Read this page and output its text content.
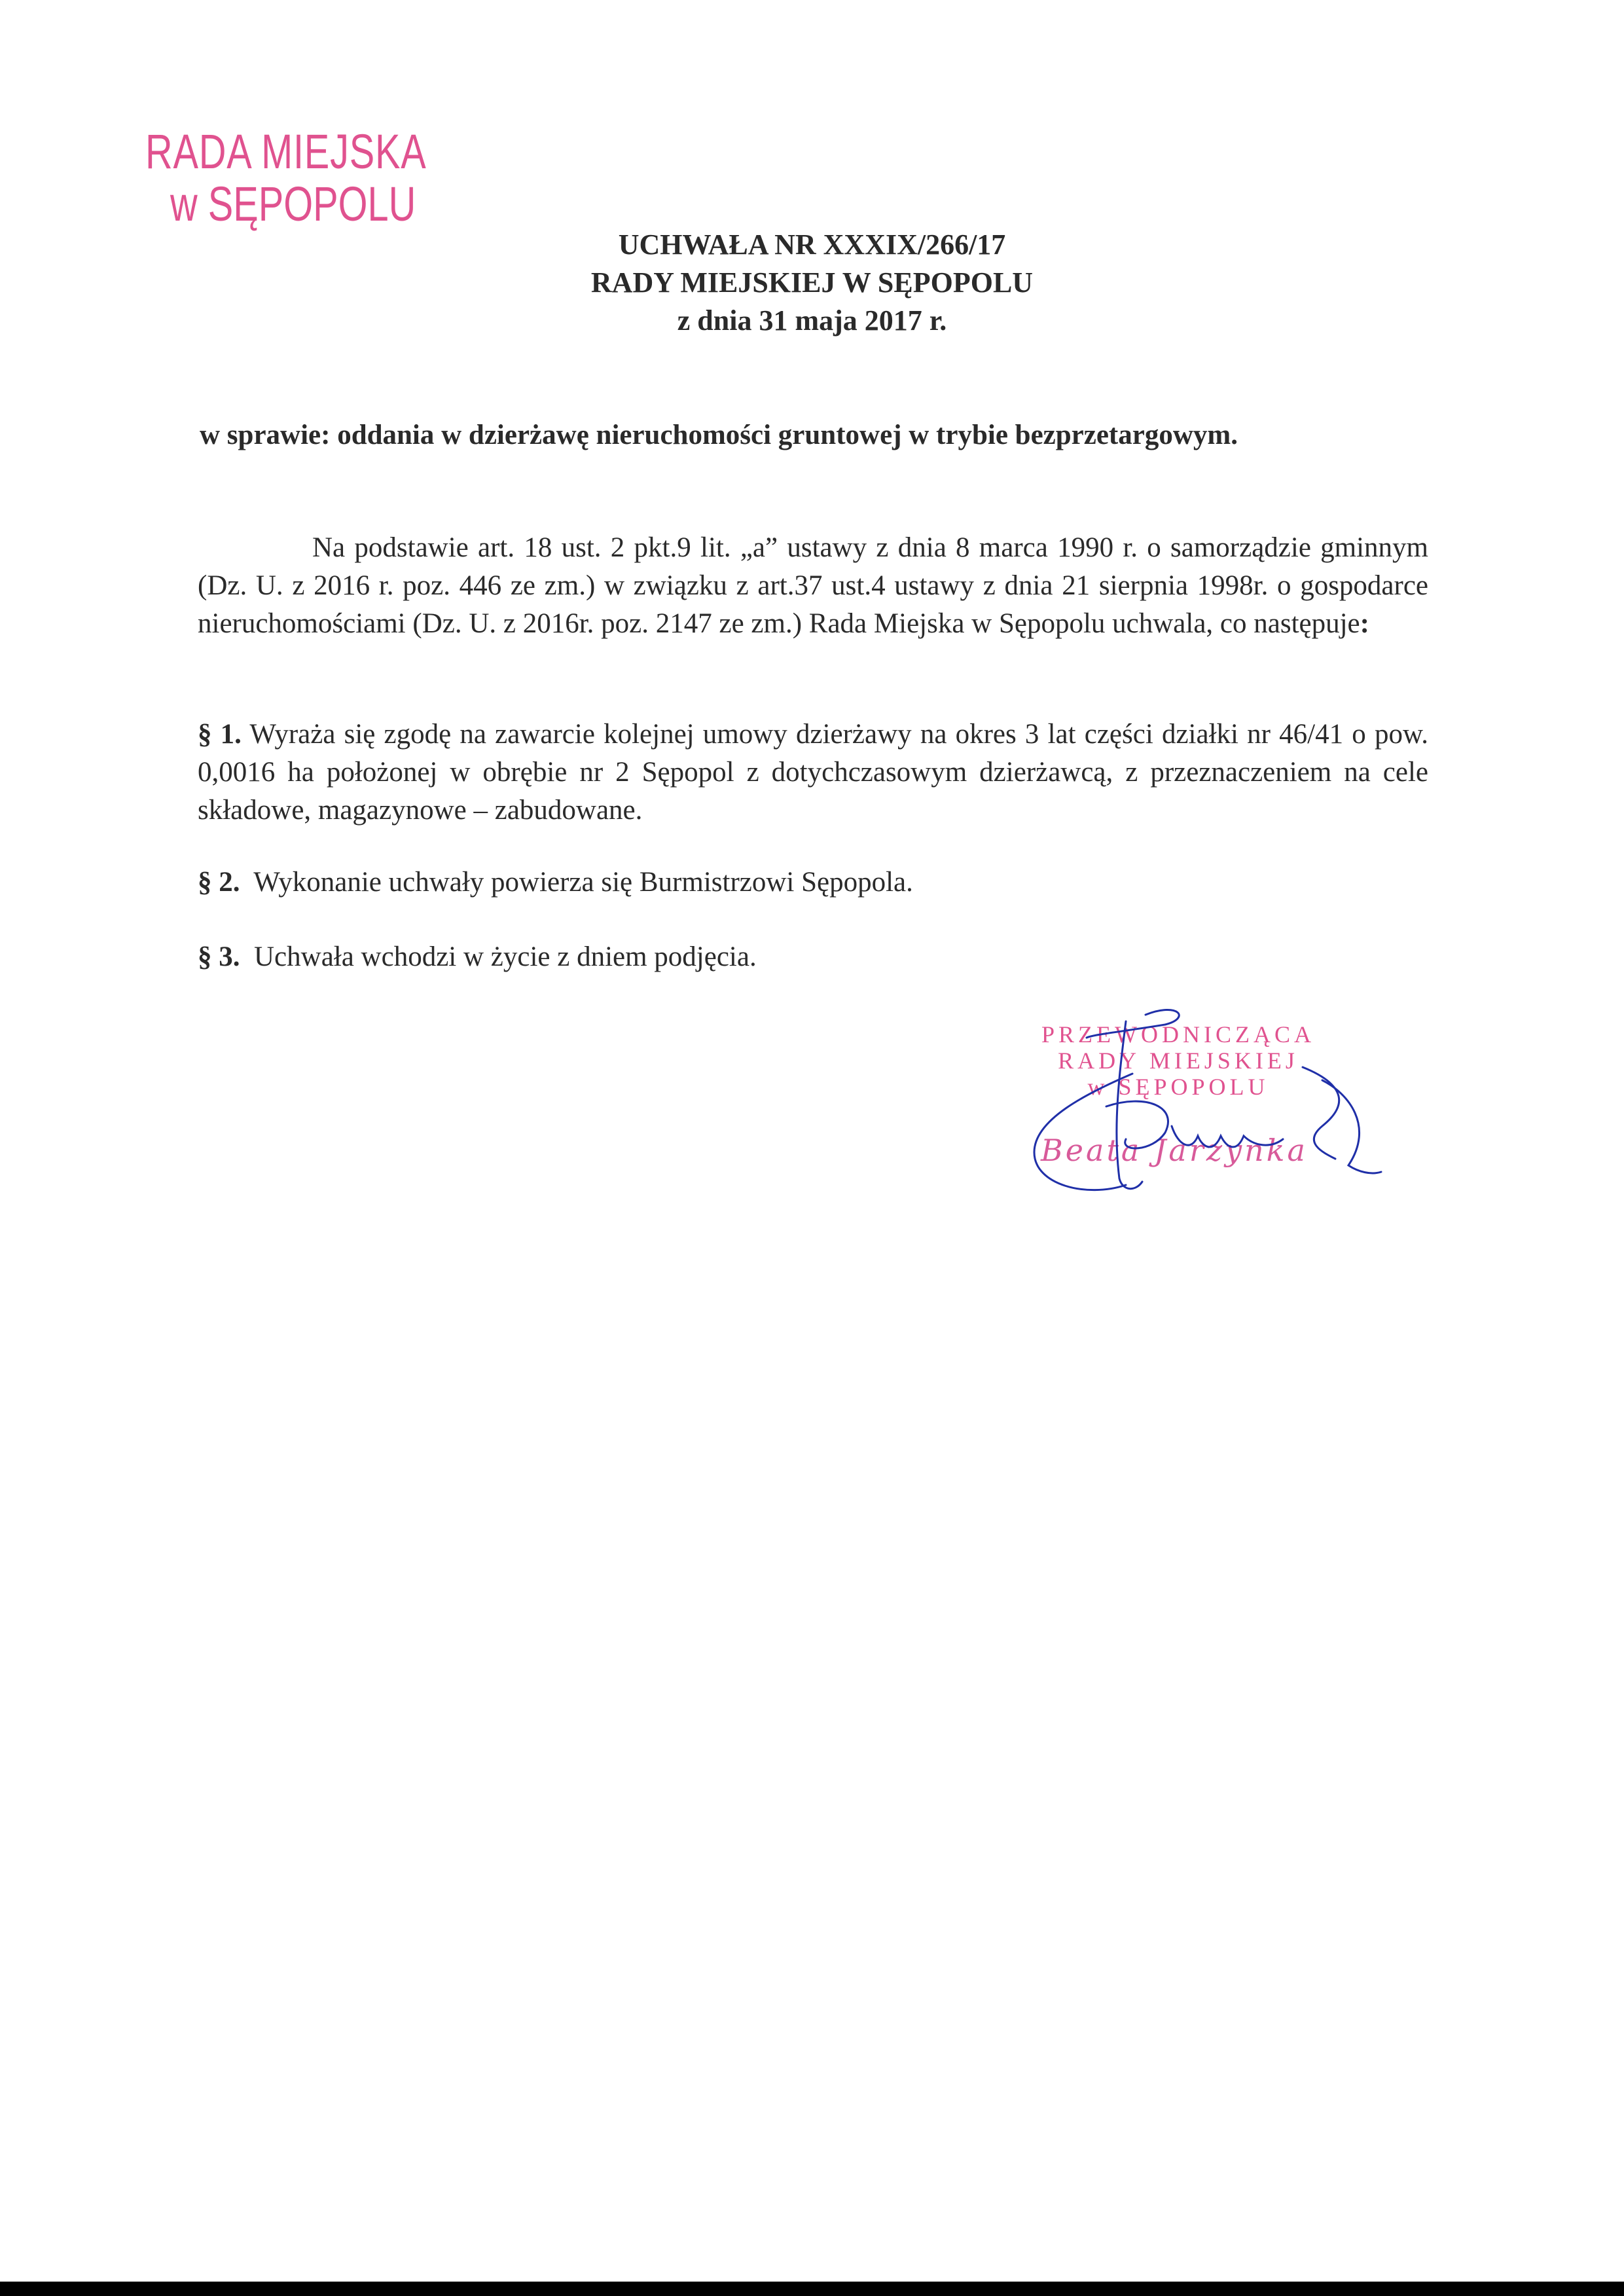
RADA MIEJSKA
w SĘPOPOLU
UCHWAŁA NR XXXIX/266/17
RADY MIEJSKIEJ W SĘPOPOLU
z dnia 31 maja 2017 r.
w sprawie: oddania w dzierżawę nieruchomości gruntowej w trybie bezprzetargowym.
Na podstawie art. 18 ust. 2 pkt.9 lit. „a” ustawy z dnia 8 marca 1990 r. o samorządzie gminnym (Dz. U. z 2016 r. poz. 446 ze zm.) w związku z art.37 ust.4 ustawy z dnia 21 sierpnia 1998r. o gospodarce nieruchomościami (Dz. U. z 2016r. poz. 2147 ze zm.) Rada Miejska w Sępopolu uchwala, co następuje:
§ 1. Wyraża się zgodę na zawarcie kolejnej umowy dzierżawy na okres 3 lat części działki nr 46/41 o pow. 0,0016 ha położonej w obrębie nr 2 Sępopol z dotychczasowym dzierżawcą, z przeznaczeniem na cele składowe, magazynowe – zabudowane.
§ 2. Wykonanie uchwały powierza się Burmistrzowi Sępopola.
§ 3. Uchwała wchodzi w życie z dniem podjęcia.
PRZEWODNICZĄCA
RADY MIEJSKIEJ
w SĘPOPOLU
Beata Jarzynka
